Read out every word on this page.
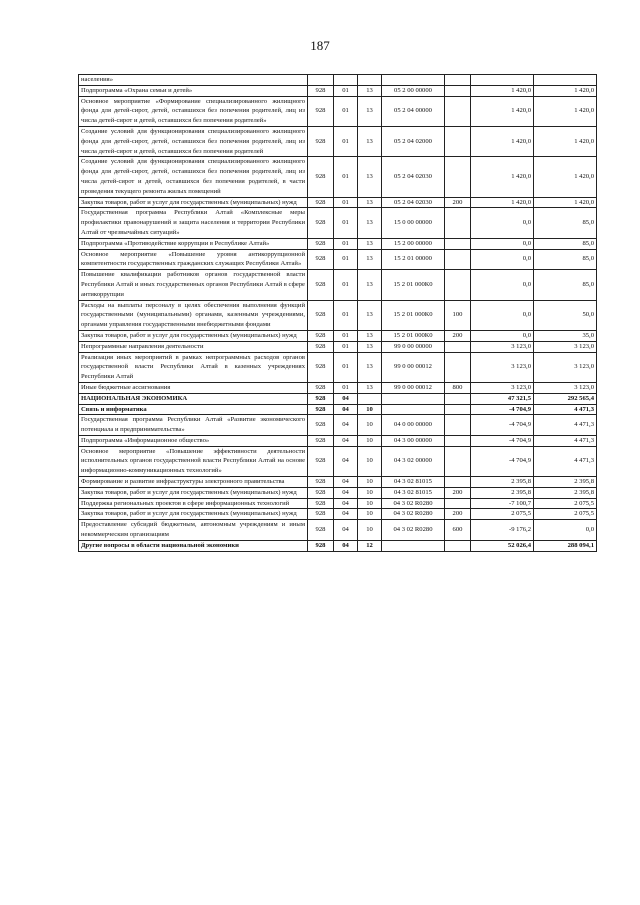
187
населения»							
Подпрограмма «Охрана семьи и детей»	928	01	13	05 2 00 00000		1 420,0	1 420,0
Основное мероприятие «Формирование специализированного жилищного фонда для детей-сирот, детей, оставшихся без попечения родителей, лиц из числа детей-сирот и детей, оставшихся без попечения родителей»	928	01	13	05 2 04 00000		1 420,0	1 420,0
Создание условий для функционирования специализированного жилищного фонда для детей-сирот, детей, оставшихся без попечения родителей, лиц из числа детей-сирот и детей, оставшихся без попечения родителей	928	01	13	05 2 04 02000		1 420,0	1 420,0
Создание условий для функционирования специализированного жилищного фонда для детей-сирот, детей, оставшихся без попечения родителей, лиц из числа детей-сирот и детей, оставшихся без попечения родителей, в части проведения текущего ремонта жилых помещений	928	01	13	05 2 04 02030		1 420,0	1 420,0
Закупка товаров, работ и услуг для государственных (муниципальных) нужд	928	01	13	05 2 04 02030	200	1 420,0	1 420,0
Государственная программа Республики Алтай «Комплексные меры профилактики правонарушений и защита населения и территории Республики Алтай от чрезвычайных ситуаций»	928	01	13	15 0 00 00000		0,0	85,0
Подпрограмма «Противодействие коррупции в Республике Алтай»	928	01	13	15 2 00 00000		0,0	85,0
Основное мероприятие «Повышение уровня антикоррупционной компетентности государственных гражданских служащих Республики Алтай»	928	01	13	15 2 01 00000		0,0	85,0
Повышение квалификации работников органов государственной власти Республики Алтай и иных государственных органов Республики Алтай в сфере антикоррупции	928	01	13	15 2 01 000К0		0,0	85,0
Расходы на выплаты персоналу в целях обеспечения выполнения функций государственными (муниципальными) органами, казенными учреждениями, органами управления государственными внебюджетными фондами	928	01	13	15 2 01 000К0	100	0,0	50,0
Закупка товаров, работ и услуг для государственных (муниципальных) нужд	928	01	13	15 2 01 000К0	200	0,0	35,0
Непрограммные направления деятельности	928	01	13	99 0 00 00000		3 123,0	3 123,0
Реализация иных мероприятий в рамках непрограммных расходов органов государственной власти Республики Алтай в казенных учреждениях Республики Алтай	928	01	13	99 0 00 00012		3 123,0	3 123,0
Иные бюджетные ассигнования	928	01	13	99 0 00 00012	800	3 123,0	3 123,0
НАЦИОНАЛЬНАЯ ЭКОНОМИКА	928	04				47 321,5	292 565,4
Связь и информатика	928	04	10			-4 704,9	4 471,3
Государственная программа Республики Алтай «Развитие экономического потенциала и предпринимательства»	928	04	10	04 0 00 00000		-4 704,9	4 471,3
Подпрограмма «Информационное общество»	928	04	10	04 3 00 00000		-4 704,9	4 471,3
Основное мероприятие «Повышение эффективности деятельности исполнительных органов государственной власти Республики Алтай на основе информационно-коммуникационных технологий»	928	04	10	04 3 02 00000		-4 704,9	4 471,3
Формирование и развитие инфраструктуры электронного правительства	928	04	10	04 3 02 81015		2 395,8	2 395,8
Закупка товаров, работ и услуг для государственных (муниципальных) нужд	928	04	10	04 3 02 81015	200	2 395,8	2 395,8
Поддержка региональных проектов в сфере информационных технологий	928	04	10	04 3 02 R0280		-7 100,7	2 075,5
Закупка товаров, работ и услуг для государственных (муниципальных) нужд	928	04	10	04 3 02 R0280	200	2 075,5	2 075,5
Предоставление субсидий бюджетным, автономным учреждениям и иным некоммерческим организациям	928	04	10	04 3 02 R0280	600	-9 176,2	0,0
Другие вопросы в области национальной экономики	928	04	12			52 026,4	288 094,1
